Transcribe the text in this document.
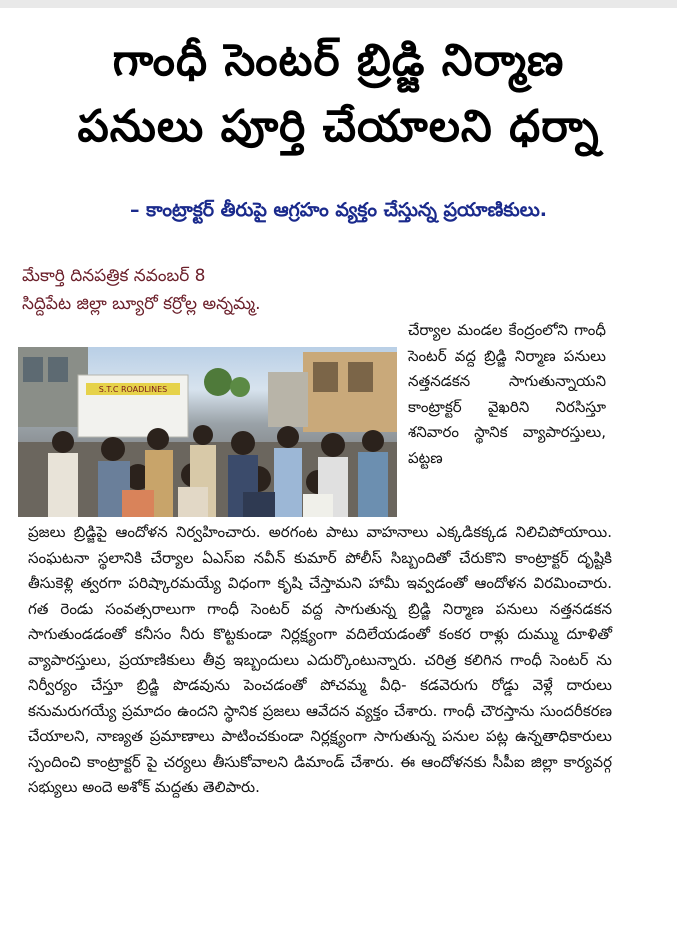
గాంధీ సెంటర్ బ్రిడ్జి నిర్మాణ
పనులు పూర్తి చేయాలని ధర్నా
– కాంట్రాక్టర్ తీరుపై ఆగ్రహం వ్యక్తం చేస్తున్న ప్రయాణికులు.
మేకార్తి దినపత్రిక నవంబర్ 8
సిద్దిపేట జిల్లా బ్యూరో కర్రోల్ల అన్నమ్మ.
S.T.C ROADLINES

చేర్యాల మండల కేంద్రంలోని గాంధీ సెంటర్ వద్ద బ్రిడ్జి నిర్మాణ పనులు నత్తనడకన సాగుతున్నాయని కాంట్రాక్టర్ వైఖరిని నిరసిస్తూ శనివారం స్థానిక వ్యాపారస్తులు, పట్టణ

ప్రజలు బ్రిడ్జిపై ఆందోళన నిర్వహించారు. అరగంట పాటు వాహనాలు ఎక్కడికక్కడ నిలిచిపోయాయి. సంఘటనా స్థలానికి చేర్యాల ఏఎస్ఐ నవీన్ కుమార్ పోలీస్ సిబ్బందితో చేరుకొని కాంట్రాక్టర్ దృష్టికి తీసుకెళ్లి త్వరగా పరిష్కారమయ్యే విధంగా కృషి చేస్తామని హామీ ఇవ్వడంతో ఆందోళన విరమించారు. గత రెండు సంవత్సరాలుగా గాంధీ సెంటర్ వద్ద సాగుతున్న బ్రిడ్జి నిర్మాణ పనులు నత్తనడకన సాగుతుండడంతో కనీసం నీరు కొట్టకుండా నిర్లక్ష్యంగా వదిలేయడంతో కంకర రాళ్లు దుమ్ము దూళితో వ్యాపారస్తులు, ప్రయాణికులు తీవ్ర ఇబ్బందులు ఎదుర్కొంటున్నారు. చరిత్ర కలిగిన గాంధీ సెంటర్ ను నిర్వీర్యం చేస్తూ బ్రిడ్జి పొడవును పెంచడంతో పోచమ్మ వీధి- కడవెరుగు రోడ్డు వెళ్లే దారులు కనుమరుగయ్యే ప్రమాదం ఉందని స్థానిక ప్రజలు ఆవేదన వ్యక్తం చేశారు. గాంధీ చౌరస్తాను సుందరీకరణ చేయాలని, నాణ్యత ప్రమాణాలు పాటించకుండా నిర్లక్ష్యంగా సాగుతున్న పనుల పట్ల ఉన్నతాధికారులు స్పందించి కాంట్రాక్టర్ పై చర్యలు తీసుకోవాలని డిమాండ్ చేశారు. ఈ ఆందోళనకు సీపీఐ జిల్లా కార్యవర్గ సభ్యులు అందె అశోక్ మద్దతు తెలిపారు.
